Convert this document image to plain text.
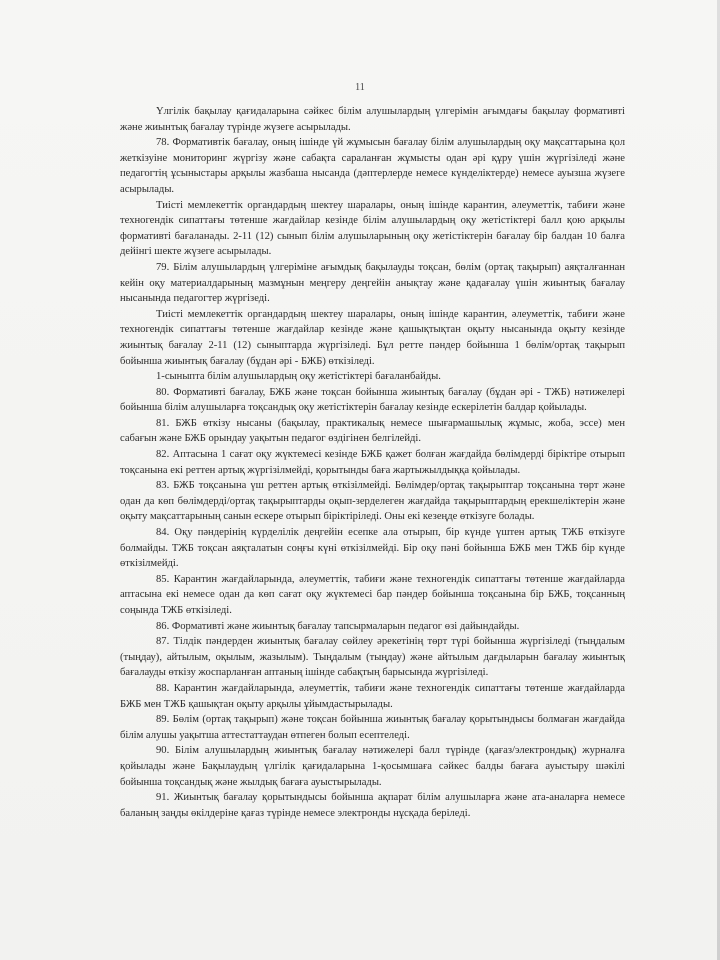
11

Үлгілік бақылау қағидаларына сәйкес білім алушылардың үлгерімін ағымдағы бақылау формативті және жиынтық бағалау түрінде жүзеге асырылады.

78. Формативтік бағалау, оның ішінде үй жұмысын бағалау білім алушылардың оқу мақсаттарына қол жеткізуіне мониторинг жүргізу және сабақта сараланған жұмысты одан әрі құру үшін жүргізіледі және педагогтің ұсыныстары арқылы жазбаша нысанда (дәптерлерде немесе күнделіктерде) немесе ауызша жүзеге асырылады.

Тиісті мемлекеттік органдардың шектеу шаралары, оның ішінде карантин, әлеуметтік, табиғи және техногендік сипаттағы төтенше жағдайлар кезінде білім алушылардың оқу жетістіктері балл қою арқылы формативті бағаланады. 2-11 (12) сынып білім алушыларының оқу жетістіктерін бағалау бір балдан 10 балға дейінгі шекте жүзеге асырылады.

79. Білім алушылардың үлгерiмiне ағымдық бақылауды тоқсан, бөлім (ортақ тақырып) аяқталғаннан кейін оқу материалдарының мазмұнын меңгеру деңгейін анықтау және қадағалау үшін жиынтық бағалау нысанында педагогтер жүргізеді.

Тиісті мемлекеттік органдардың шектеу шаралары, оның ішінде карантин, әлеуметтік, табиғи және техногендік сипаттағы төтенше жағдайлар кезінде және қашықтықтан оқыту нысанында оқыту кезінде жиынтық бағалау 2-11 (12) сыныптарда жүргізіледі. Бұл ретте пәндер бойынша 1 бөлім/ортақ тақырып бойынша жиынтық бағалау (бұдан әрі - БЖБ) өткізіледі.

1-сыныпта білім алушылардың оқу жетістіктері бағаланбайды.

80. Формативті бағалау, БЖБ және тоқсан бойынша жиынтық бағалау (бұдан әрі - ТЖБ) нәтижелері бойынша білім алушыларға тоқсандық оқу жетістіктерін бағалау кезінде ескерілетін балдар қойылады.

81. БЖБ өткізу нысаны (бақылау, практикалық немесе шығармашылық жұмыс, жоба, эссе) мен сабағын және БЖБ орындау уақытын педагог өздігінен белгілейді.

82. Аптасына 1 сағат оқу жүктемесі кезінде БЖБ қажет болған жағдайда бөлімдерді біріктіре отырып тоқсанына екі реттен артық жүргізілмейді, қорытынды баға жартыжылдыққа қойылады.

83. БЖБ тоқсанына үш реттен артық өткізілмейді. Бөлімдер/ортақ тақырыптар тоқсанына төрт және одан да көп бөлімдерді/ортақ тақырыптарды оқып-зерделеген жағдайда тақырыптардың ерекшеліктерін және оқыту мақсаттарының санын ескере отырып біріктіріледі. Оны екі кезеңде өткізуге болады.

84. Оқу пәндерінің күрделілік деңгейін есепке ала отырып, бір күнде үштен артық ТЖБ өткізуге болмайды. ТЖБ тоқсан аяқталатын соңғы күні өткізілмейді. Бір оқу пәні бойынша БЖБ мен ТЖБ бір күнде өткізілмейді.

85. Карантин жағдайларында, әлеуметтік, табиғи және техногендік сипаттағы төтенше жағдайларда аптасына екі немесе одан да көп сағат оқу жүктемесі бар пәндер бойынша тоқсанына бір БЖБ, тоқсанның соңында ТЖБ өткізіледі.

86. Формативті және жиынтық бағалау тапсырмаларын педагог өзі дайындайды.

87. Тілдік пәндерден жиынтық бағалау сөйлеу әрекетінің төрт түрі бойынша жүргізіледі (тыңдалым (тыңдау), айтылым, оқылым, жазылым). Тыңдалым (тыңдау) және айтылым дағдыларын бағалау жиынтық бағалауды өткізу жоспарланған аптаның ішінде сабақтың барысында жүргізіледі.

88. Карантин жағдайларында, әлеуметтік, табиғи және техногендік сипаттағы төтенше жағдайларда БЖБ мен ТЖБ қашықтан оқыту арқылы ұйымдастырылады.

89. Бөлім (ортақ тақырып) және тоқсан бойынша жиынтық бағалау қорытындысы болмаған жағдайда білім алушы уақытша аттестаттаудан өтпеген болып есептеледі.

90. Білім алушылардың жиынтық бағалау нәтижелері балл түрінде (қағаз/электрондық) журналға қойылады және Бақылаудың үлгілік қағидаларына 1-қосымшаға сәйкес балды бағаға ауыстыру шәкілі бойынша тоқсандық және жылдық бағаға ауыстырылады.

91. Жиынтық бағалау қорытындысы бойынша ақпарат білім алушыларға және ата-аналарға немесе баланың заңды өкілдеріне қағаз түрінде немесе электронды нұсқада беріледі.
